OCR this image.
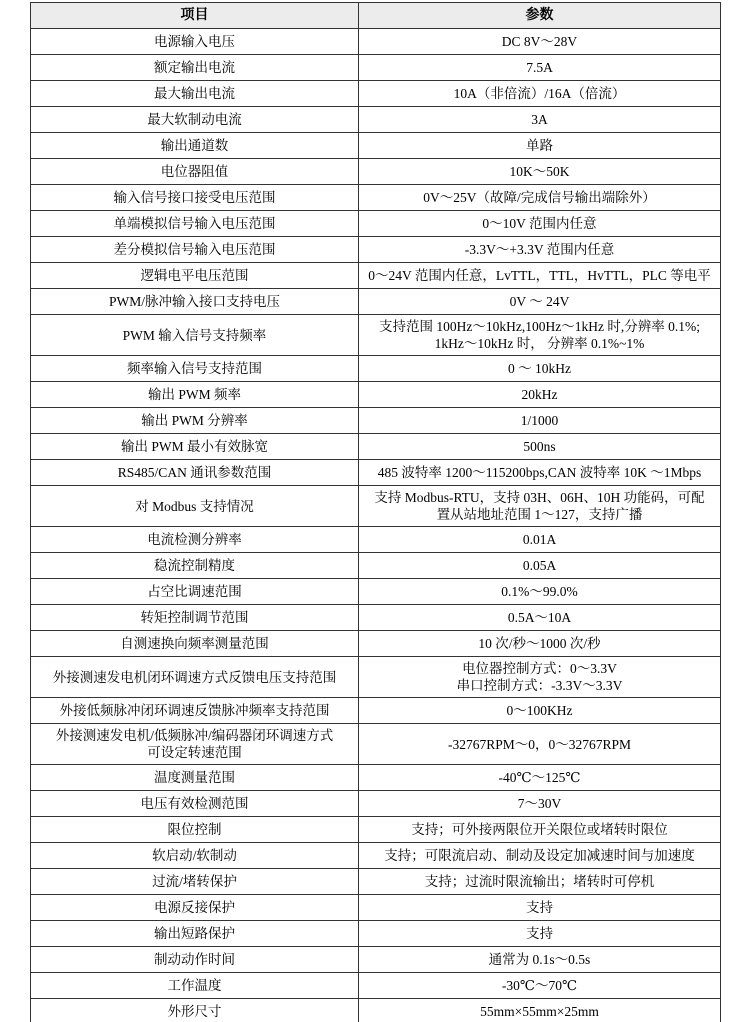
项目	参数

电源输入电压	DC 8V～28V

额定输出电流	7.5A

最大输出电流	10A（非倍流）/16A（倍流）

最大软制动电流	3A

输出通道数	单路

电位器阻值	10K～50K

输入信号接口接受电压范围	0V～25V（故障/完成信号输出端除外）

单端模拟信号输入电压范围	0～10V 范围内任意

差分模拟信号输入电压范围	-3.3V～+3.3V 范围内任意

逻辑电平电压范围	0～24V 范围内任意，LvTTL，TTL，HvTTL，PLC 等电平

PWM/脉冲输入接口支持电压	0V ～ 24V

PWM 输入信号支持频率	支持范围 100Hz～10kHz,100Hz～1kHz 时,分辨率 0.1%;
1kHz～10kHz 时， 分辨率 0.1%~1%

频率输入信号支持范围	0 ～ 10kHz

输出 PWM 频率	20kHz

输出 PWM 分辨率	1/1000

输出 PWM 最小有效脉宽	500ns

RS485/CAN 通讯参数范围	485 波特率 1200～115200bps,CAN 波特率 10K ～1Mbps

对 Modbus 支持情况	支持 Modbus-RTU，支持 03H、06H、10H 功能码，可配
置从站地址范围 1～127，支持广播

电流检测分辨率	0.01A

稳流控制精度	0.05A

占空比调速范围	0.1%～99.0%

转矩控制调节范围	0.5A～10A

自测速换向频率测量范围	10 次/秒～1000 次/秒

外接测速发电机闭环调速方式反馈电压支持范围	电位器控制方式：0～3.3V
串口控制方式：-3.3V～3.3V

外接低频脉冲闭环调速反馈脉冲频率支持范围	0～100KHz

外接测速发电机/低频脉冲/编码器闭环调速方式
可设定转速范围	-32767RPM～0，0～32767RPM

温度测量范围	-40℃～125℃

电压有效检测范围	7～30V

限位控制	支持；可外接两限位开关限位或堵转时限位

软启动/软制动	支持；可限流启动、制动及设定加减速时间与加速度

过流/堵转保护	支持；过流时限流输出；堵转时可停机

电源反接保护	支持

输出短路保护	支持

制动动作时间	通常为 0.1s～0.5s

工作温度	-30℃～70℃

外形尺寸	55mm×55mm×25mm
